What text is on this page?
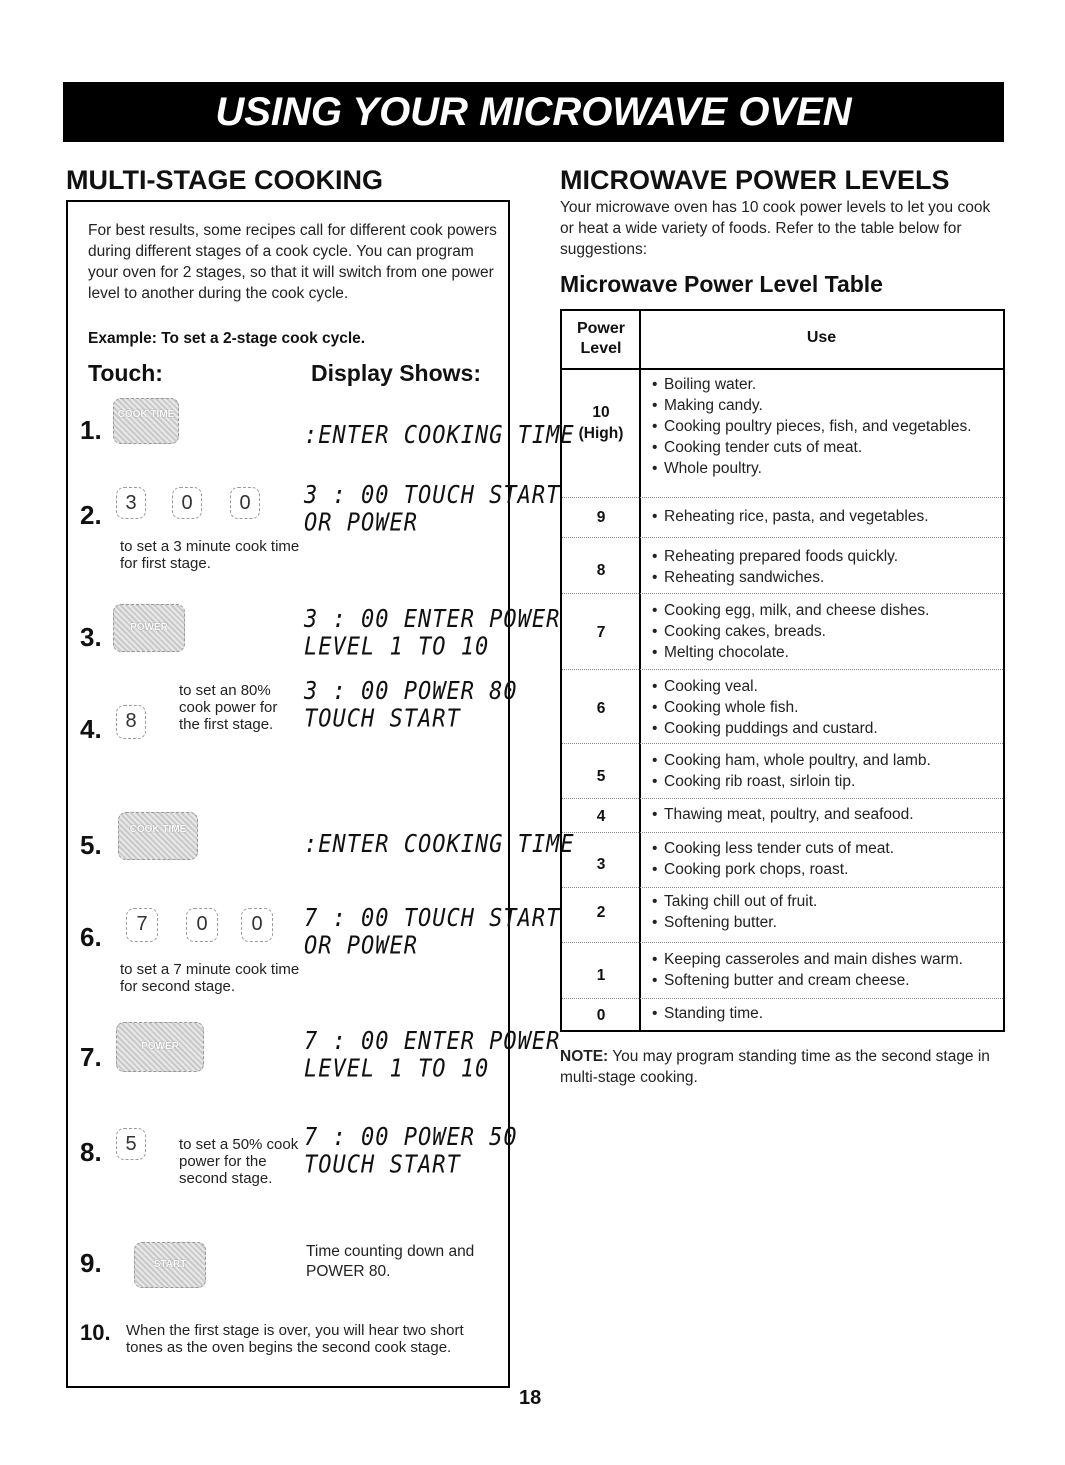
USING YOUR MICROWAVE OVEN
MULTI-STAGE COOKING
For best results, some recipes call for different cook powers during different stages of a cook cycle. You can program your oven for 2 stages, so that it will switch from one power level to another during the cook cycle.
Example: To set a 2-stage cook cycle.
Touch:	Display Shows:
1.
COOK TIME
:ENTER COOKING TIME
2.	3	0	0
to set a 3 minute cook time for first stage.
3 : 00 TOUCH START
OR POWER
3.	POWER	3 : 00 ENTER POWER
LEVEL 1 TO 10
4.	8
to set an 80% cook power for the first stage.
3 : 00 POWER 80
TOUCH START
5.
COOK TIME
:ENTER COOKING TIME
6.	7	0	0
to set a 7 minute cook time for second stage.
7 : 00 TOUCH START
OR POWER
7.	POWER	7 : 00 ENTER POWER
LEVEL 1 TO 10
8.	5	to set a 50% cook power for the second stage.
7 : 00 POWER 50
TOUCH START
9.	START
Time counting down and POWER 80.
10. When the first stage is over, you will hear two short tones as the oven begins the second cook stage.
MICROWAVE POWER LEVELS
Your microwave oven has 10 cook power levels to let you cook or heat a wide variety of foods. Refer to the table below for suggestions:
Microwave Power Level Table
Power
Level
Use
10
(High)
• Boiling water.
• Making candy.
• Cooking poultry pieces, fish, and vegetables.
• Cooking tender cuts of meat.
• Whole poultry.
9	• Reheating rice, pasta, and vegetables.
8
• Reheating prepared foods quickly.
• Reheating sandwiches.
7
• Cooking egg, milk, and cheese dishes.
• Cooking cakes, breads.
• Melting chocolate.
6
• Cooking veal.
• Cooking whole fish.
• Cooking puddings and custard.
5
• Cooking ham, whole poultry, and lamb.
• Cooking rib roast, sirloin tip.
4	• Thawing meat, poultry, and seafood.
3
• Cooking less tender cuts of meat.
• Cooking pork chops, roast.
2
• Taking chill out of fruit.
• Softening butter.
1
• Keeping casseroles and main dishes warm.
• Softening butter and cream cheese.
0	• Standing time.
NOTE: You may program standing time as the second stage in multi-stage cooking.
18
